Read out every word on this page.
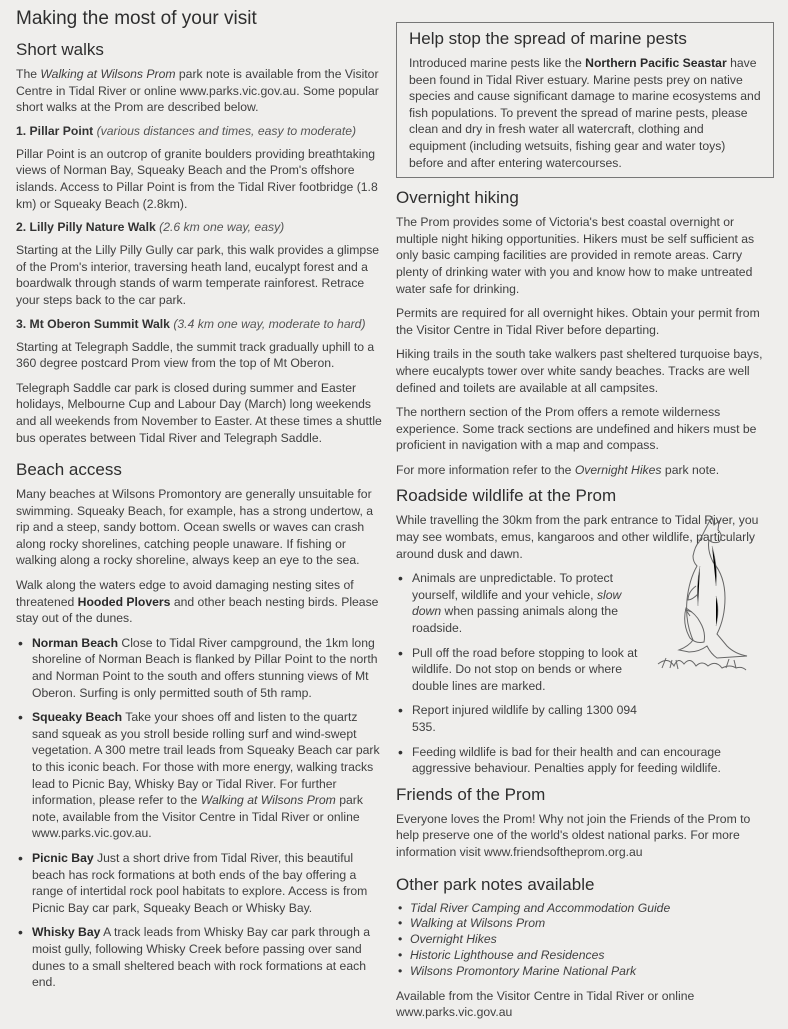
Making the most of your visit
Short walks

The Walking at Wilsons Prom park note is available from the Visitor Centre in Tidal River or online www.parks.vic.gov.au. Some popular short walks at the Prom are described below.

1. Pillar Point (various distances and times, easy to moderate)

Pillar Point is an outcrop of granite boulders providing breathtaking views of Norman Bay, Squeaky Beach and the Prom's offshore islands. Access to Pillar Point is from the Tidal River footbridge (1.8 km) or Squeaky Beach (2.8km).

2. Lilly Pilly Nature Walk (2.6 km one way, easy)

Starting at the Lilly Pilly Gully car park, this walk provides a glimpse of the Prom's interior, traversing heath land, eucalypt forest and a boardwalk through stands of warm temperate rainforest. Retrace your steps back to the car park.

3. Mt Oberon Summit Walk (3.4 km one way, moderate to hard)

Starting at Telegraph Saddle, the summit track gradually uphill to a 360 degree postcard Prom view from the top of Mt Oberon.

Telegraph Saddle car park is closed during summer and Easter holidays, Melbourne Cup and Labour Day (March) long weekends and all weekends from November to Easter. At these times a shuttle bus operates between Tidal River and Telegraph Saddle.

Beach access

Many beaches at Wilsons Promontory are generally unsuitable for swimming. Squeaky Beach, for example, has a strong undertow, a rip and a steep, sandy bottom. Ocean swells or waves can crash along rocky shorelines, catching people unaware. If fishing or walking along a rocky shoreline, always keep an eye to the sea.

Walk along the waters edge to avoid damaging nesting sites of threatened Hooded Plovers and other beach nesting birds. Please stay out of the dunes.

• Norman Beach Close to Tidal River campground, the 1km long shoreline of Norman Beach is flanked by Pillar Point to the north and Norman Point to the south and offers stunning views of Mt Oberon. Surfing is only permitted south of 5th ramp.
• Squeaky Beach Take your shoes off and listen to the quartz sand squeak as you stroll beside rolling surf and wind-swept vegetation. A 300 metre trail leads from Squeaky Beach car park to this iconic beach. For those with more energy, walking tracks lead to Picnic Bay, Whisky Bay or Tidal River. For further information, please refer to the Walking at Wilsons Prom park note, available from the Visitor Centre in Tidal River or online www.parks.vic.gov.au.
• Picnic Bay Just a short drive from Tidal River, this beautiful beach has rock formations at both ends of the bay offering a range of intertidal rock pool habitats to explore. Access is from Picnic Bay car park, Squeaky Beach or Whisky Bay.
• Whisky Bay A track leads from Whisky Bay car park through a moist gully, following Whisky Creek before passing over sand dunes to a small sheltered beach with rock formations at each end.
Help stop the spread of marine pests

Introduced marine pests like the Northern Pacific Seastar have been found in Tidal River estuary. Marine pests prey on native species and cause significant damage to marine ecosystems and fish populations. To prevent the spread of marine pests, please clean and dry in fresh water all watercraft, clothing and equipment (including wetsuits, fishing gear and water toys) before and after entering watercourses.

Overnight hiking

The Prom provides some of Victoria's best coastal overnight or multiple night hiking opportunities. Hikers must be self sufficient as only basic camping facilities are provided in remote areas. Carry plenty of drinking water with you and know how to make untreated water safe for drinking.

Permits are required for all overnight hikes. Obtain your permit from the Visitor Centre in Tidal River before departing.

Hiking trails in the south take walkers past sheltered turquoise bays, where eucalypts tower over white sandy beaches. Tracks are well defined and toilets are available at all campsites.

The northern section of the Prom offers a remote wilderness experience. Some track sections are undefined and hikers must be proficient in navigation with a map and compass.

For more information refer to the Overnight Hikes park note.

Roadside wildlife at the Prom

While travelling the 30km from the park entrance to Tidal River, you may see wombats, emus, kangaroos and other wildlife, particularly around dusk and dawn.

• Animals are unpredictable. To protect yourself, wildlife and your vehicle, slow down when passing animals along the roadside.
• Pull off the road before stopping to look at wildlife. Do not stop on bends or where double lines are marked.
• Report injured wildlife by calling 1300 094 535.
• Feeding wildlife is bad for their health and can encourage aggressive behaviour. Penalties apply for feeding wildlife.
Friends of the Prom

Everyone loves the Prom! Why not join the Friends of the Prom to help preserve one of the world's oldest national parks. For more information visit www.friendsoftheprom.org.au

Other park notes available
• Tidal River Camping and Accommodation Guide
• Walking at Wilsons Prom
• Overnight Hikes
• Historic Lighthouse and Residences
• Wilsons Promontory Marine National Park

Available from the Visitor Centre in Tidal River or online www.parks.vic.gov.au
